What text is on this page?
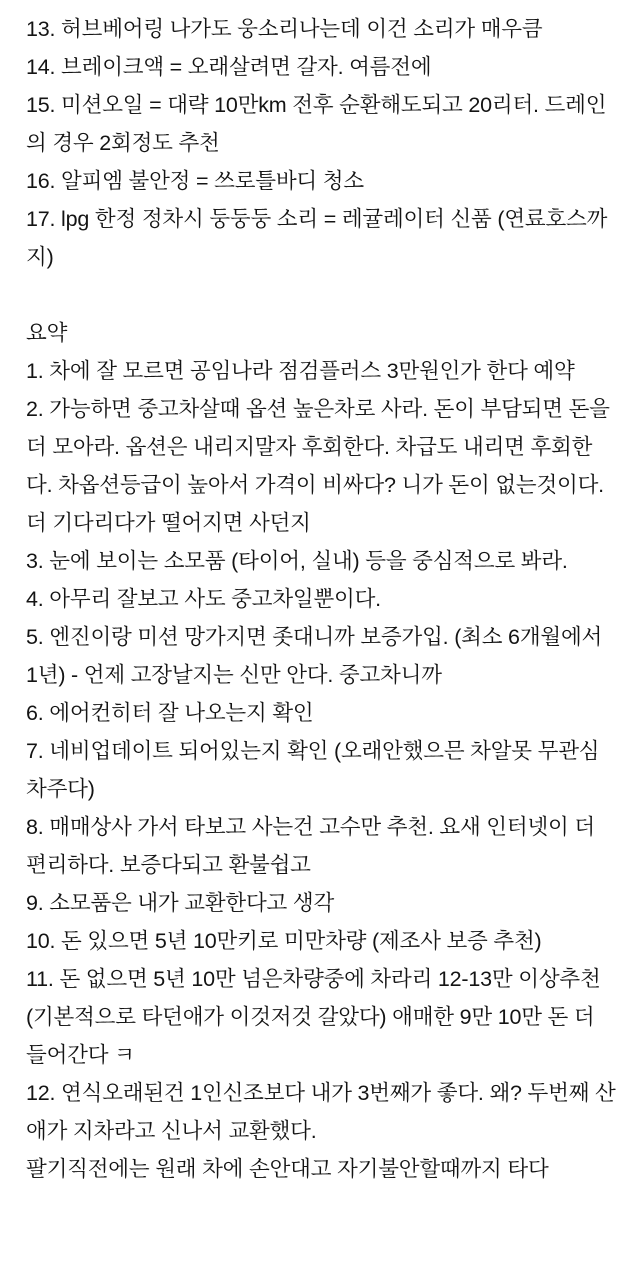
13. 허브베어링 나가도 웅소리나는데 이건 소리가 매우큼

14. 브레이크액 = 오래살려면 갈자. 여름전에

15. 미션오일 = 대략 10만km 전후 순환해도되고 20리터. 드레인의 경우 2회정도 추천

16. 알피엠 불안정 = 쓰로틀바디 청소

17. lpg 한정 정차시 둥둥둥 소리 = 레귤레이터 신품 (연료호스까지)

요약

1. 차에 잘 모르면 공임나라 점검플러스 3만원인가 한다 예약

2. 가능하면 중고차살때 옵션 높은차로 사라. 돈이 부담되면 돈을 더 모아라. 옵션은 내리지말자 후회한다. 차급도 내리면 후회한다. 차옵션등급이 높아서 가격이 비싸다? 니가 돈이 없는것이다. 더 기다리다가 떨어지면 사던지

3. 눈에 보이는 소모품 (타이어, 실내) 등을 중심적으로 봐라.

4. 아무리 잘보고 사도 중고차일뿐이다.

5. 엔진이랑 미션 망가지면 좃대니까 보증가입. (최소 6개월에서 1년) - 언제 고장날지는 신만 안다. 중고차니까

6. 에어컨히터 잘 나오는지 확인

7. 네비업데이트 되어있는지 확인 (오래안했으믄 차알못 무관심차주다)

8. 매매상사 가서 타보고 사는건 고수만 추천. 요새 인터넷이 더 편리하다. 보증다되고 환불쉽고

9. 소모품은 내가 교환한다고 생각

10. 돈 있으면 5년 10만키로 미만차량 (제조사 보증 추천)

11. 돈 없으면 5년 10만 넘은차량중에 차라리 12-13만 이상추천 (기본적으로 타던애가 이것저것 갈았다) 애매한 9만 10만 돈 더 들어간다 ㅋ

12. 연식오래된건 1인신조보다 내가 3번째가 좋다. 왜? 두번째 산애가 지차라고 신나서 교환했다.

팔기직전에는 원래 차에 손안대고 자기불안할때까지 타다
